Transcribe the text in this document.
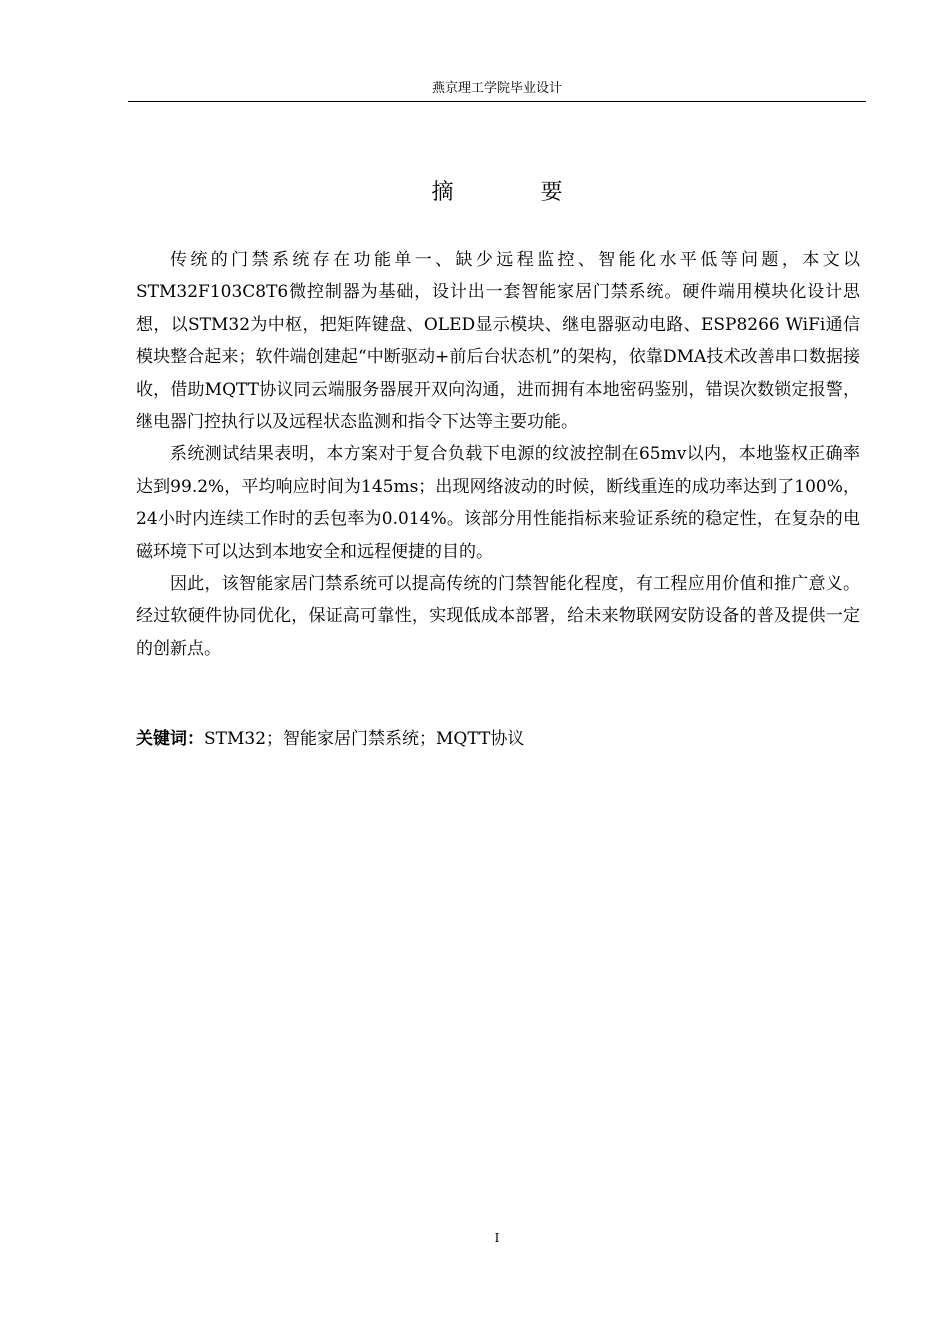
燕京理工学院毕业设计
摘 要

传统的门禁系统存在功能单一、缺少远程监控、智能化水平低等问题，本文以STM32F103C8T6微控制器为基础，设计出一套智能家居门禁系统。硬件端用模块化设计思想，以STM32为中枢，把矩阵键盘、OLED显示模块、继电器驱动电路、ESP8266 WiFi通信模块整合起来；软件端创建起“中断驱动+前后台状态机”的架构，依靠DMA技术改善串口数据接收，借助MQTT协议同云端服务器展开双向沟通，进而拥有本地密码鉴别，错误次数锁定报警，继电器门控执行以及远程状态监测和指令下达等主要功能。

系统测试结果表明，本方案对于复合负载下电源的纹波控制在65mv以内，本地鉴权正确率达到99.2%，平均响应时间为145ms；出现网络波动的时候，断线重连的成功率达到了100%，24小时内连续工作时的丢包率为0.014%。该部分用性能指标来验证系统的稳定性，在复杂的电磁环境下可以达到本地安全和远程便捷的目的。

因此，该智能家居门禁系统可以提高传统的门禁智能化程度，有工程应用价值和推广意义。经过软硬件协同优化，保证高可靠性，实现低成本部署，给未来物联网安防设备的普及提供一定的创新点。

关键词：STM32；智能家居门禁系统；MQTT协议
I
